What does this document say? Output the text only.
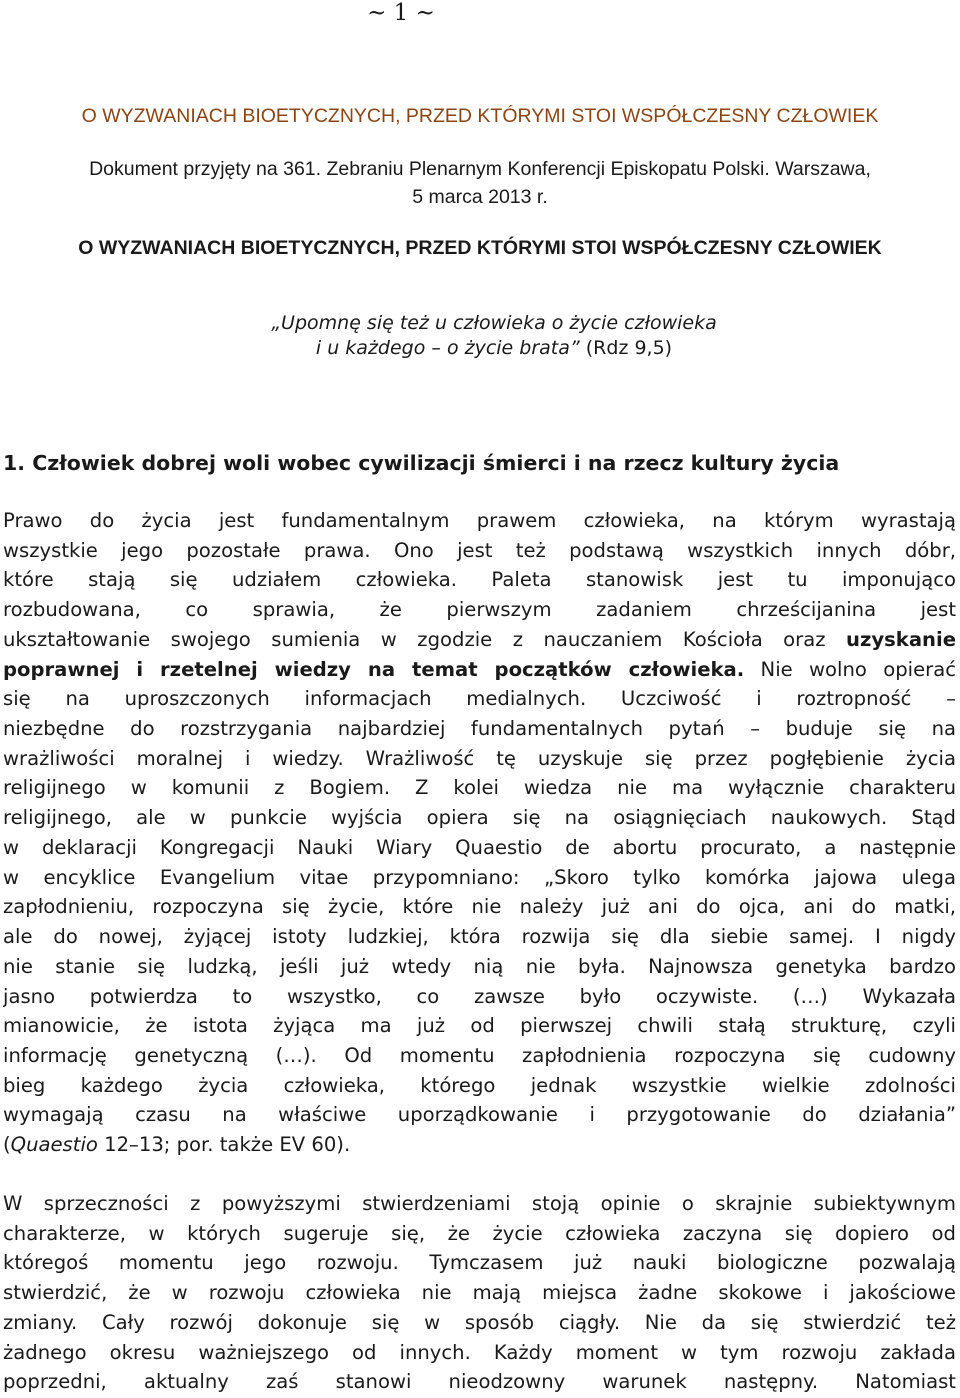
~ 1 ~
O WYZWANIACH BIOETYCZNYCH, PRZED KTÓRYMI STOI WSPÓŁCZESNY CZŁOWIEK
Dokument przyjęty na 361. Zebraniu Plenarnym Konferencji Episkopatu Polski. Warszawa,
5 marca 2013 r.
O WYZWANIACH BIOETYCZNYCH, PRZED KTÓRYMI STOI WSPÓŁCZESNY CZŁOWIEK
„Upomnę się też u człowieka o życie człowieka
i u każdego – o życie brata” (Rdz 9,5)
1. Człowiek dobrej woli wobec cywilizacji śmierci i na rzecz kultury życia
Prawo do życia jest fundamentalnym prawem człowieka, na którym wyrastają
wszystkie jego pozostałe prawa. Ono jest też podstawą wszystkich innych dóbr,
które stają się udziałem człowieka. Paleta stanowisk jest tu imponująco
rozbudowana, co sprawia, że pierwszym zadaniem chrześcijanina jest
ukształtowanie swojego sumienia w zgodzie z nauczaniem Kościoła oraz uzyskanie
poprawnej i rzetelnej wiedzy na temat początków człowieka. Nie wolno opierać
się na uproszczonych informacjach medialnych. Uczciwość i roztropność –
niezbędne do rozstrzygania najbardziej fundamentalnych pytań – buduje się na
wrażliwości moralnej i wiedzy. Wrażliwość tę uzyskuje się przez pogłębienie życia
religijnego w komunii z Bogiem. Z kolei wiedza nie ma wyłącznie charakteru
religijnego, ale w punkcie wyjścia opiera się na osiągnięciach naukowych. Stąd
w deklaracji Kongregacji Nauki Wiary Quaestio de abortu procurato, a następnie
w encyklice Evangelium vitae przypomniano: „Skoro tylko komórka jajowa ulega
zapłodnieniu, rozpoczyna się życie, które nie należy już ani do ojca, ani do matki,
ale do nowej, żyjącej istoty ludzkiej, która rozwija się dla siebie samej. I nigdy
nie stanie się ludzką, jeśli już wtedy nią nie była. Najnowsza genetyka bardzo
jasno potwierdza to wszystko, co zawsze było oczywiste. (…) Wykazała
mianowicie, że istota żyjąca ma już od pierwszej chwili stałą strukturę, czyli
informację genetyczną (…). Od momentu zapłodnienia rozpoczyna się cudowny
bieg każdego życia człowieka, którego jednak wszystkie wielkie zdolności
wymagają czasu na właściwe uporządkowanie i przygotowanie do działania”
(Quaestio 12–13; por. także EV 60).
W sprzeczności z powyższymi stwierdzeniami stoją opinie o skrajnie subiektywnym
charakterze, w których sugeruje się, że życie człowieka zaczyna się dopiero od
któregoś momentu jego rozwoju. Tymczasem już nauki biologiczne pozwalają
stwierdzić, że w rozwoju człowieka nie mają miejsca żadne skokowe i jakościowe
zmiany. Cały rozwój dokonuje się w sposób ciągły. Nie da się stwierdzić też
żadnego okresu ważniejszego od innych. Każdy moment w tym rozwoju zakłada
poprzedni, aktualny zaś stanowi nieodzowny warunek następny. Natomiast
